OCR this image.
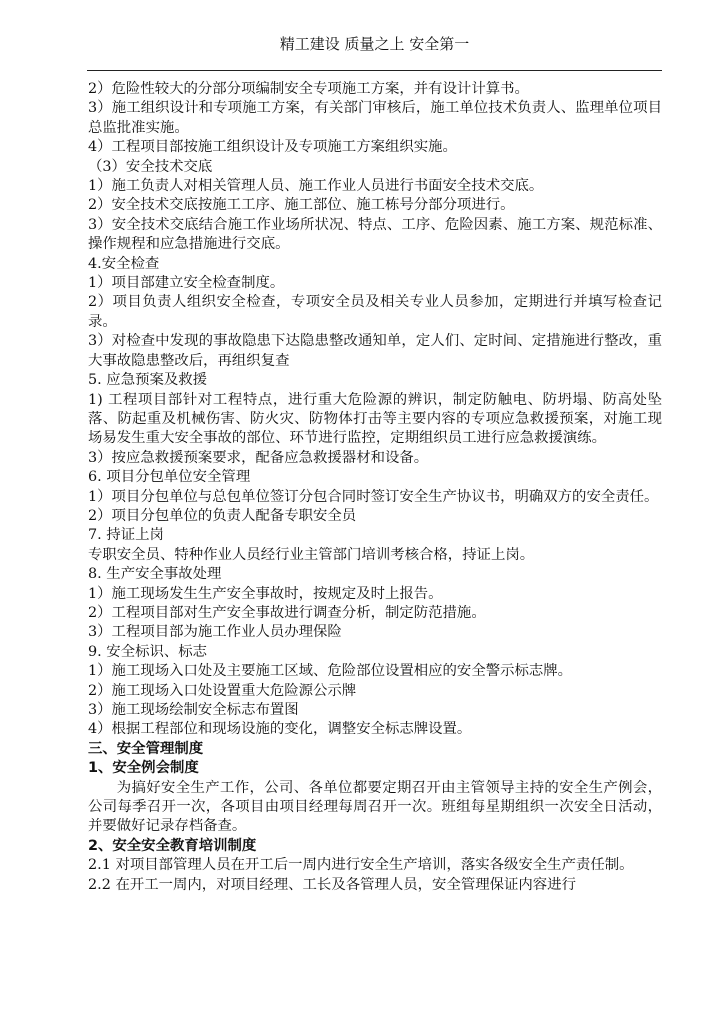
精工建设 质量之上 安全第一

2）危险性较大的分部分项编制安全专项施工方案，并有设计计算书。

3）施工组织设计和专项施工方案，有关部门审核后，施工单位技术负责人、监理单位项目总监批准实施。

4）工程项目部按施工组织设计及专项施工方案组织实施。

（3）安全技术交底

1）施工负责人对相关管理人员、施工作业人员进行书面安全技术交底。

2）安全技术交底按施工工序、施工部位、施工栋号分部分项进行。

3）安全技术交底结合施工作业场所状况、特点、工序、危险因素、施工方案、规范标准、操作规程和应急措施进行交底。

4.安全检查

1）项目部建立安全检查制度。

2）项目负责人组织安全检查，专项安全员及相关专业人员参加，定期进行并填写检查记录。

3）对检查中发现的事故隐患下达隐患整改通知单，定人们、定时间、定措施进行整改，重大事故隐患整改后，再组织复查

5. 应急预案及救援

1) 工程项目部针对工程特点，进行重大危险源的辨识，制定防触电、防坍塌、防高处坠落、防起重及机械伤害、防火灾、防物体打击等主要内容的专项应急救援预案，对施工现场易发生重大安全事故的部位、环节进行监控，定期组织员工进行应急救援演练。

3）按应急救援预案要求，配备应急救援器材和设备。

6. 项目分包单位安全管理

1）项目分包单位与总包单位签订分包合同时签订安全生产协议书，明确双方的安全责任。

2）项目分包单位的负责人配备专职安全员

7. 持证上岗

专职安全员、特种作业人员经行业主管部门培训考核合格，持证上岗。

8. 生产安全事故处理

1）施工现场发生生产安全事故时，按规定及时上报告。

2）工程项目部对生产安全事故进行调查分析，制定防范措施。

3）工程项目部为施工作业人员办理保险

9. 安全标识、标志

1）施工现场入口处及主要施工区域、危险部位设置相应的安全警示标志牌。

2）施工现场入口处设置重大危险源公示牌

3）施工现场绘制安全标志布置图

4）根据工程部位和现场设施的变化，调整安全标志牌设置。

三、安全管理制度

1、安全例会制度

为搞好安全生产工作，公司、各单位都要定期召开由主管领导主持的安全生产例会，公司每季召开一次，各项目由项目经理每周召开一次。班组每星期组织一次安全日活动，并要做好记录存档备查。

2、安全安全教育培训制度

2.1 对项目部管理人员在开工后一周内进行安全生产培训，落实各级安全生产责任制。

2.2 在开工一周内，对项目经理、工长及各管理人员，安全管理保证内容进行
